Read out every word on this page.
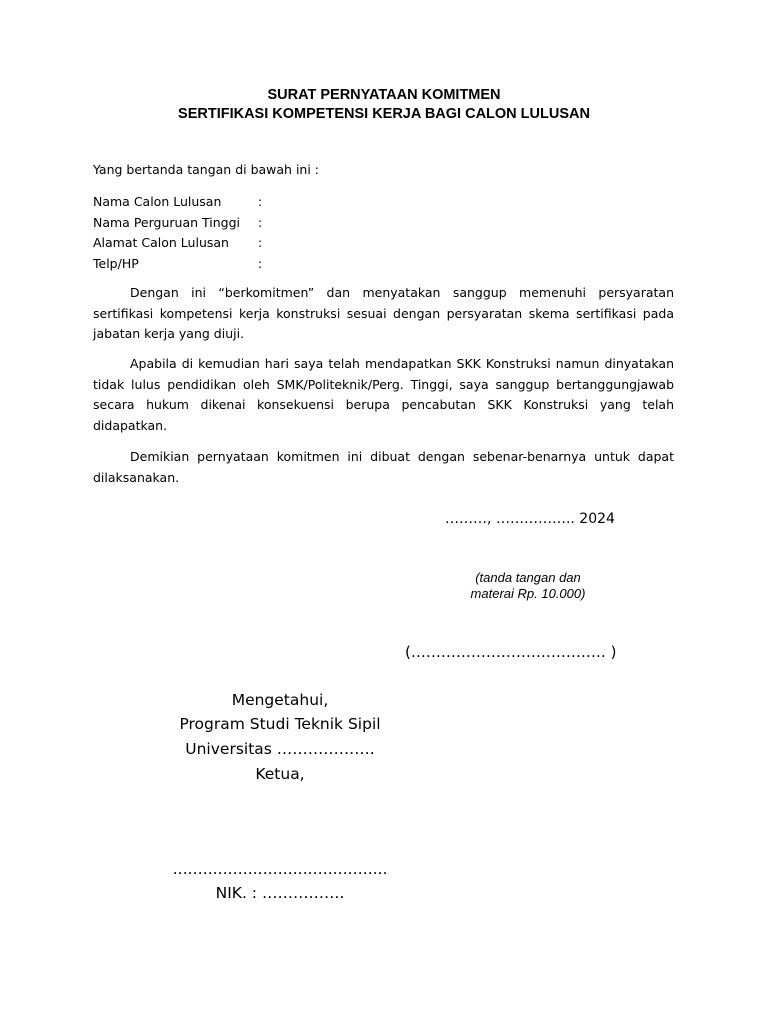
SURAT PERNYATAAN KOMITMEN

SERTIFIKASI KOMPETENSI KERJA BAGI CALON LULUSAN

Yang bertanda tangan di bawah ini :

Nama Calon Lulusan	:
Nama Perguruan Tinggi :
Alamat Calon Lulusan :
Telp/HP	:

Dengan ini “berkomitmen” dan menyatakan sanggup memenuhi persyaratan sertifikasi kompetensi kerja konstruksi sesuai dengan persyaratan skema sertifikasi pada jabatan kerja yang diuji.

Apabila di kemudian hari saya telah mendapatkan SKK Konstruksi namun dinyatakan tidak lulus pendidikan oleh SMK/Politeknik/Perg. Tinggi, saya sanggup bertanggungjawab secara hukum dikenai konsekuensi berupa pencabutan SKK Konstruksi yang telah didapatkan.

Demikian pernyataan komitmen ini dibuat dengan sebenar-benarnya untuk dapat dilaksanakan.

………, …………….. 2024

(tanda tangan dan
materai Rp. 10.000)

(………………………………… )

Mengetahui,

Program Studi Teknik Sipil

Universitas ……………….

Ketua,

…………………………………….

NIK. : …………….
